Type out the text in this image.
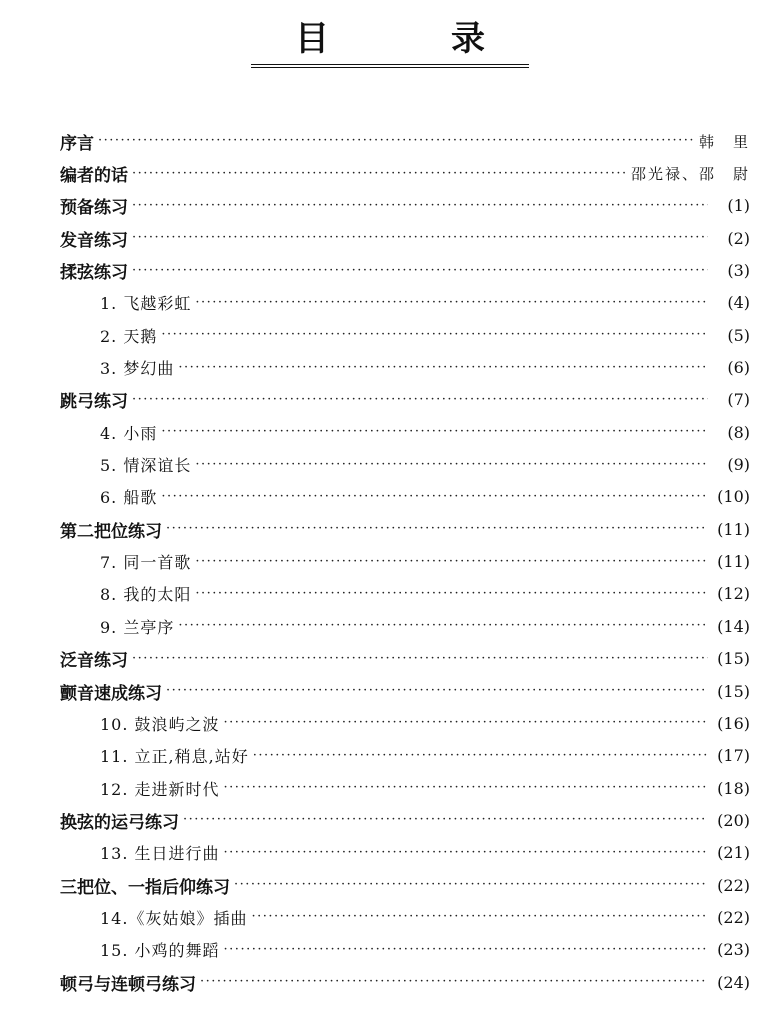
目　录
序言 ·····	韩　里
编者的话 ·····	邵光禄、邵　尉
预备练习 ·····	(1)
发音练习 ·····	(2)
揉弦练习 ·····	(3)
1. 飞越彩虹 ·····	(4)
2. 天鹅 ·····	(5)
3. 梦幻曲 ·····	(6)
跳弓练习 ·····	(7)
4. 小雨 ·····	(8)
5. 情深谊长 ·····	(9)
6. 船歌 ·····	(10)
第二把位练习 ·····	(11)
7. 同一首歌 ·····	(11)
8. 我的太阳 ·····	(12)
9. 兰亭序 ·····	(14)
泛音练习 ·····	(15)
颤音速成练习 ·····	(15)
10. 鼓浪屿之波 ·····	(16)
11. 立正,稍息,站好 ·····	(17)
12. 走进新时代 ·····	(18)
换弦的运弓练习 ·····	(20)
13. 生日进行曲 ·····	(21)
三把位、一指后仰练习 ·····	(22)
14.《灰姑娘》插曲 ·····	(22)
15. 小鸡的舞蹈 ·····	(23)
顿弓与连顿弓练习 ·····	(24)
